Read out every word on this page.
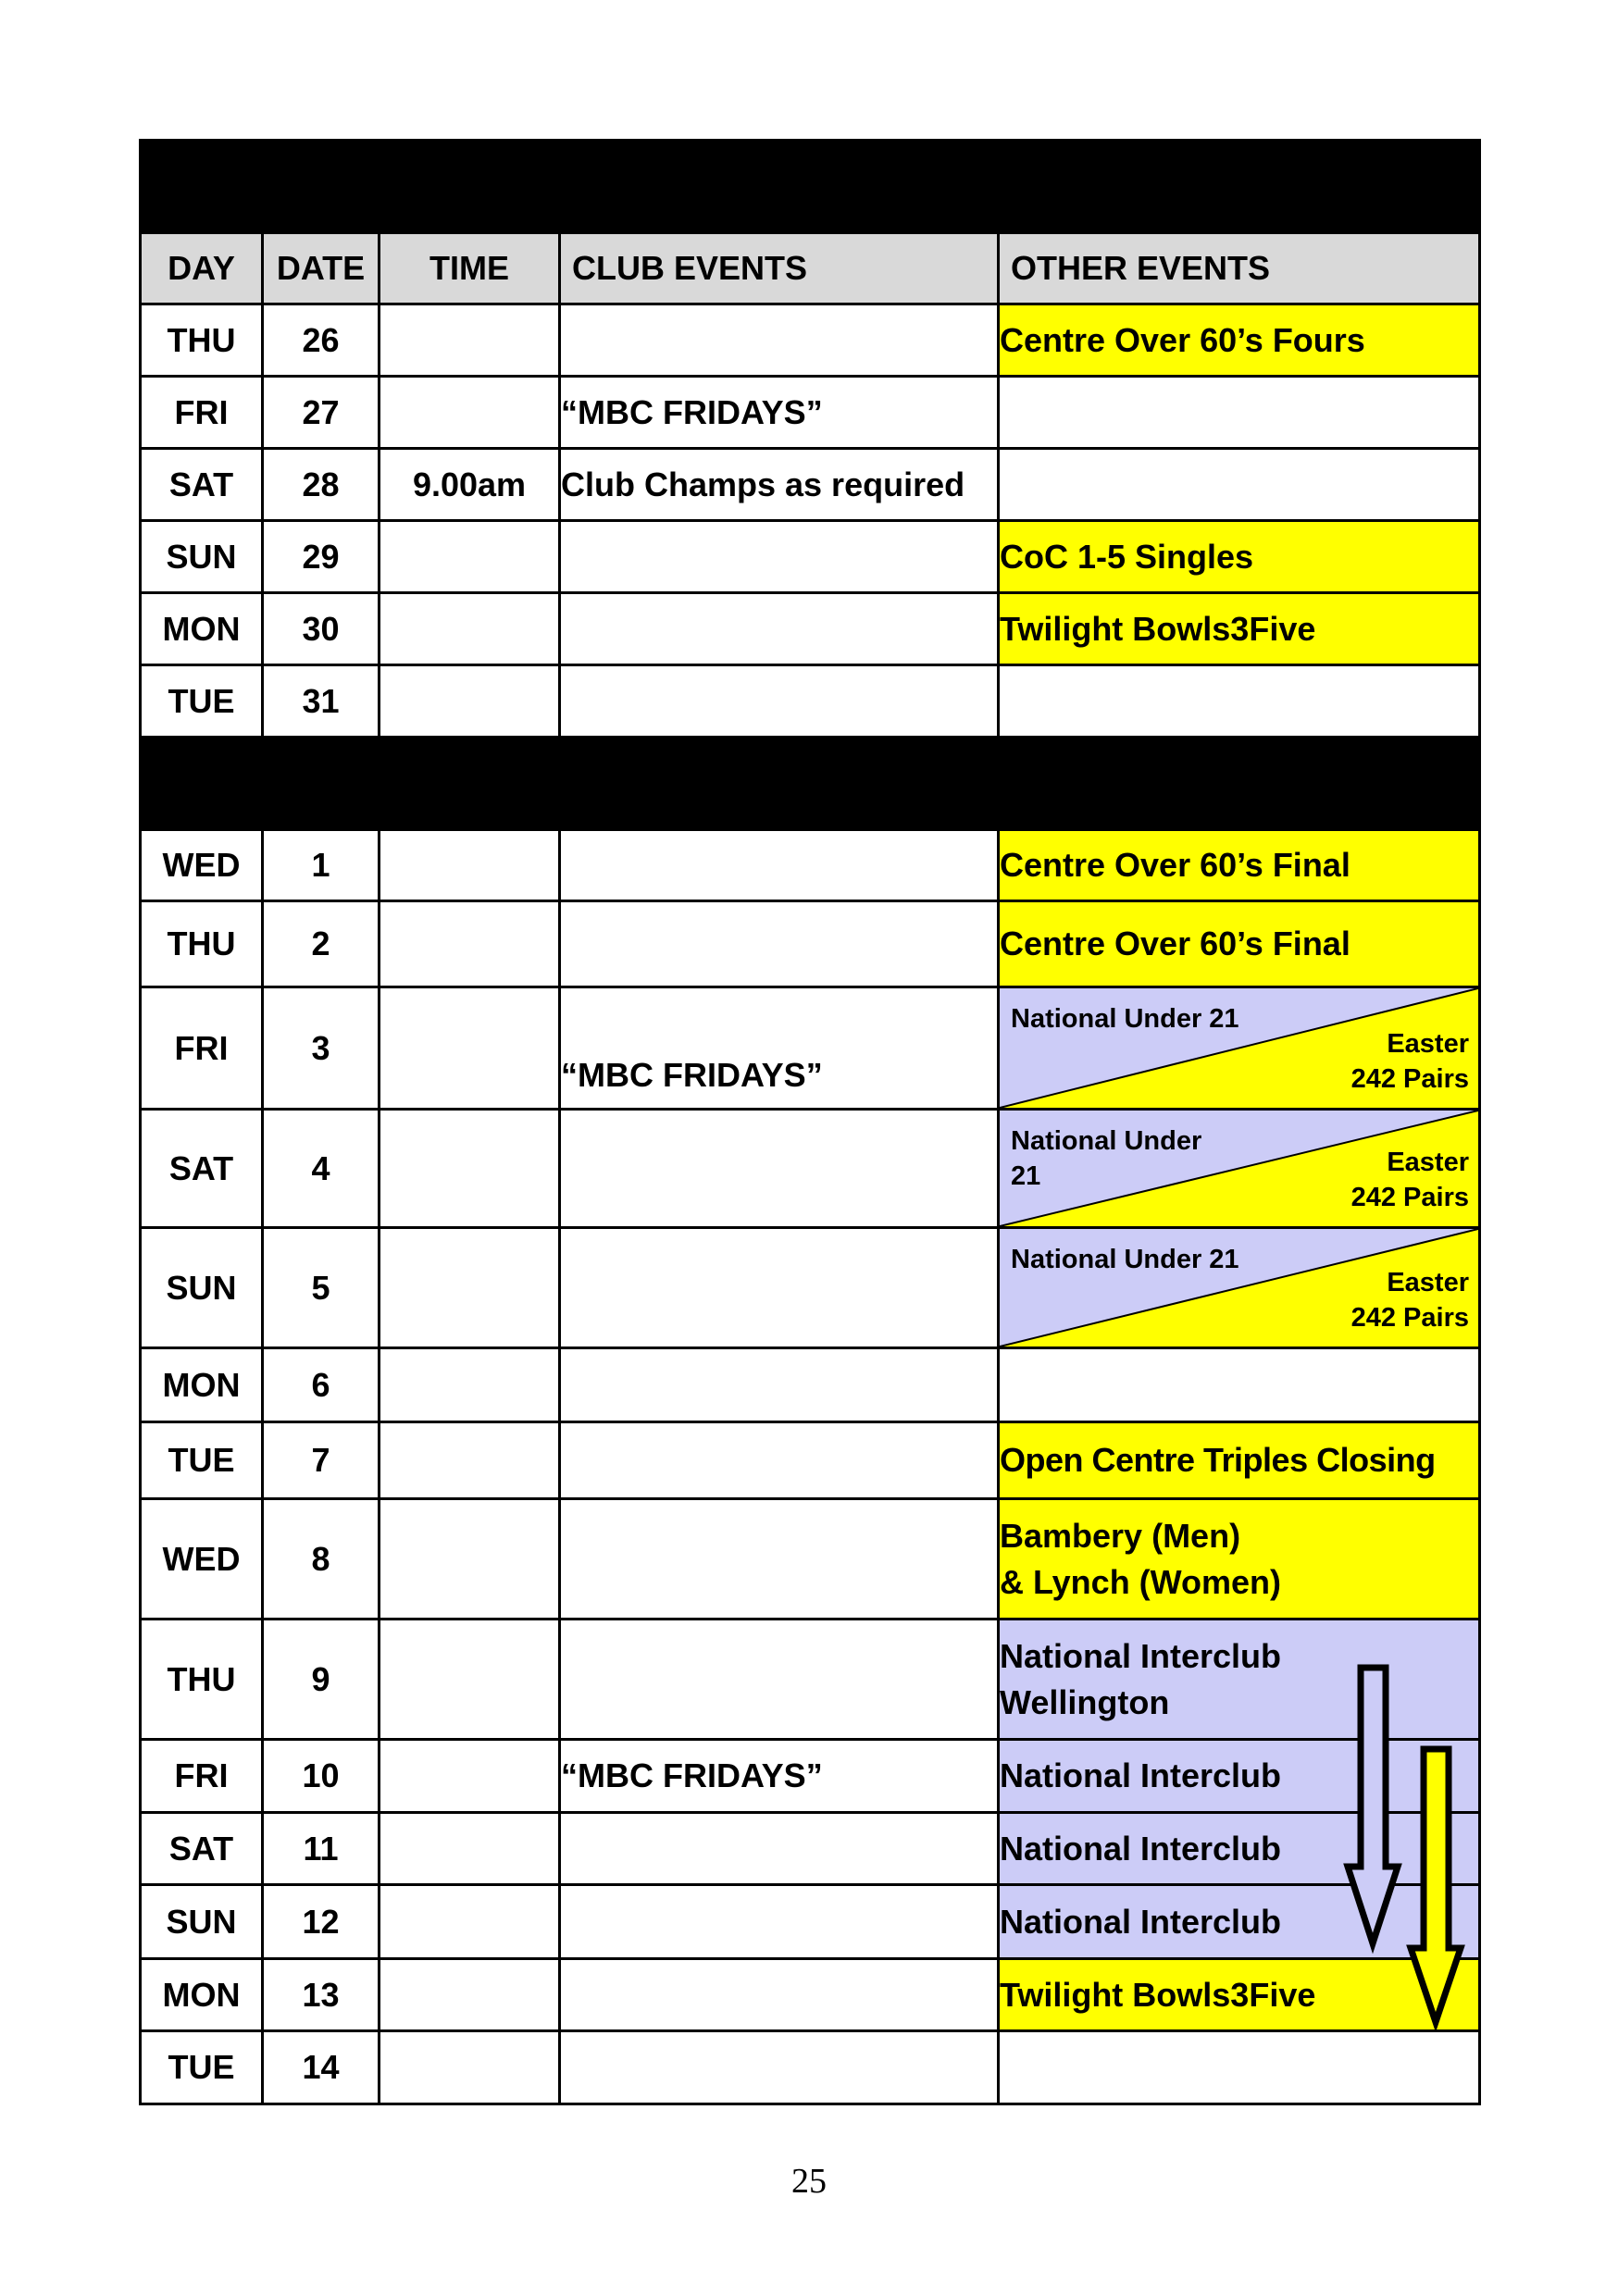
MARCH 2026				
DAY	DATE	TIME	CLUB EVENTS	OTHER EVENTS
THU	26			Centre Over 60’s Fours
FRI	27		“MBC FRIDAYS”	
SAT	28	9.00am	Club Champs as required	
SUN	29			CoC 1-5 Singles
MON	30			Twilight Bowls3Five
TUE	31			
APRIL 2026				
WED	1			Centre Over 60’s Final
THU	2			Centre Over 60’s Final
FRI	3		“MBC FRIDAYS”	National Under 21
Easter
242 Pairs

SAT	4			National Under 21 Easter
242 Pairs

SUN	5			National Under 21
Easter
242 Pairs

MON	6			
TUE	7			Open Centre Triples Closing
WED	8			Bambery (Men)
& Lynch (Women)

THU	9			National Interclub
Wellington

FRI	10		“MBC FRIDAYS”	National Interclub
SAT	11			National Interclub
SUN	12			National Interclub
MON	13			Twilight Bowls3Five
TUE	14			
25
